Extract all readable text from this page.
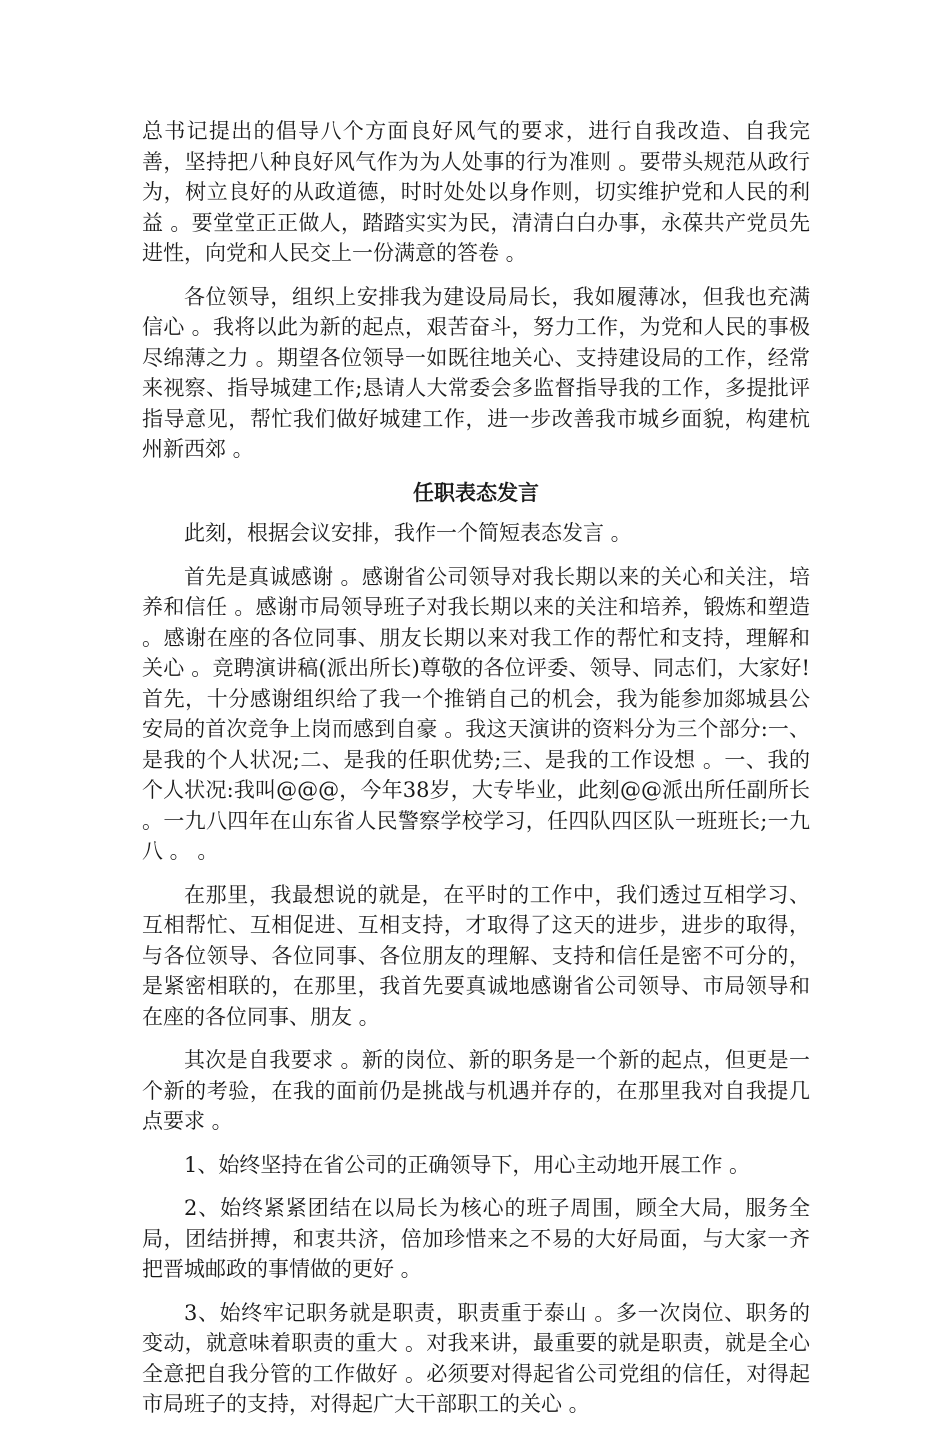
总书记提出的倡导八个方面良好风气的要求，进行自我改造、自我完善，坚持把八种良好风气作为为人处事的行为准则 。要带头规范从政行为，树立良好的从政道德，时时处处以身作则，切实维护党和人民的利益 。要堂堂正正做人，踏踏实实为民，清清白白办事，永葆共产党员先进性，向党和人民交上一份满意的答卷 。

各位领导，组织上安排我为建设局局长，我如履薄冰，但我也充满信心 。我将以此为新的起点，艰苦奋斗，努力工作，为党和人民的事极尽绵薄之力 。期望各位领导一如既往地关心、支持建设局的工作，经常来视察、指导城建工作;恳请人大常委会多监督指导我的工作，多提批评指导意见，帮忙我们做好城建工作，进一步改善我市城乡面貌，构建杭州新西郊 。

任职表态发言

此刻，根据会议安排，我作一个简短表态发言 。

首先是真诚感谢 。感谢省公司领导对我长期以来的关心和关注，培养和信任 。感谢市局领导班子对我长期以来的关注和培养，锻炼和塑造 。感谢在座的各位同事、朋友长期以来对我工作的帮忙和支持，理解和关心 。竞聘演讲稿(派出所长)尊敬的各位评委、领导、同志们，大家好!首先，十分感谢组织给了我一个推销自己的机会，我为能参加郯城县公安局的首次竞争上岗而感到自豪 。我这天演讲的资料分为三个部分:一、是我的个人状况;二、是我的任职优势;三、是我的工作设想 。一、我的个人状况:我叫@@@，今年38岁，大专毕业，此刻@@派出所任副所长 。一九八四年在山东省人民警察学校学习，任四队四区队一班班长;一九八 。 。

在那里，我最想说的就是，在平时的工作中，我们透过互相学习、互相帮忙、互相促进、互相支持，才取得了这天的进步，进步的取得，与各位领导、各位同事、各位朋友的理解、支持和信任是密不可分的，是紧密相联的，在那里，我首先要真诚地感谢省公司领导、市局领导和在座的各位同事、朋友 。

其次是自我要求 。新的岗位、新的职务是一个新的起点，但更是一个新的考验，在我的面前仍是挑战与机遇并存的，在那里我对自我提几点要求 。

1、始终坚持在省公司的正确领导下，用心主动地开展工作 。

2、始终紧紧团结在以局长为核心的班子周围，顾全大局，服务全局，团结拼搏，和衷共济，倍加珍惜来之不易的大好局面，与大家一齐把晋城邮政的事情做的更好 。

3、始终牢记职务就是职责，职责重于泰山 。多一次岗位、职务的变动，就意味着职责的重大 。对我来讲，最重要的就是职责，就是全心全意把自我分管的工作做好 。必须要对得起省公司党组的信任，对得起市局班子的支持，对得起广大干部职工的关心 。
